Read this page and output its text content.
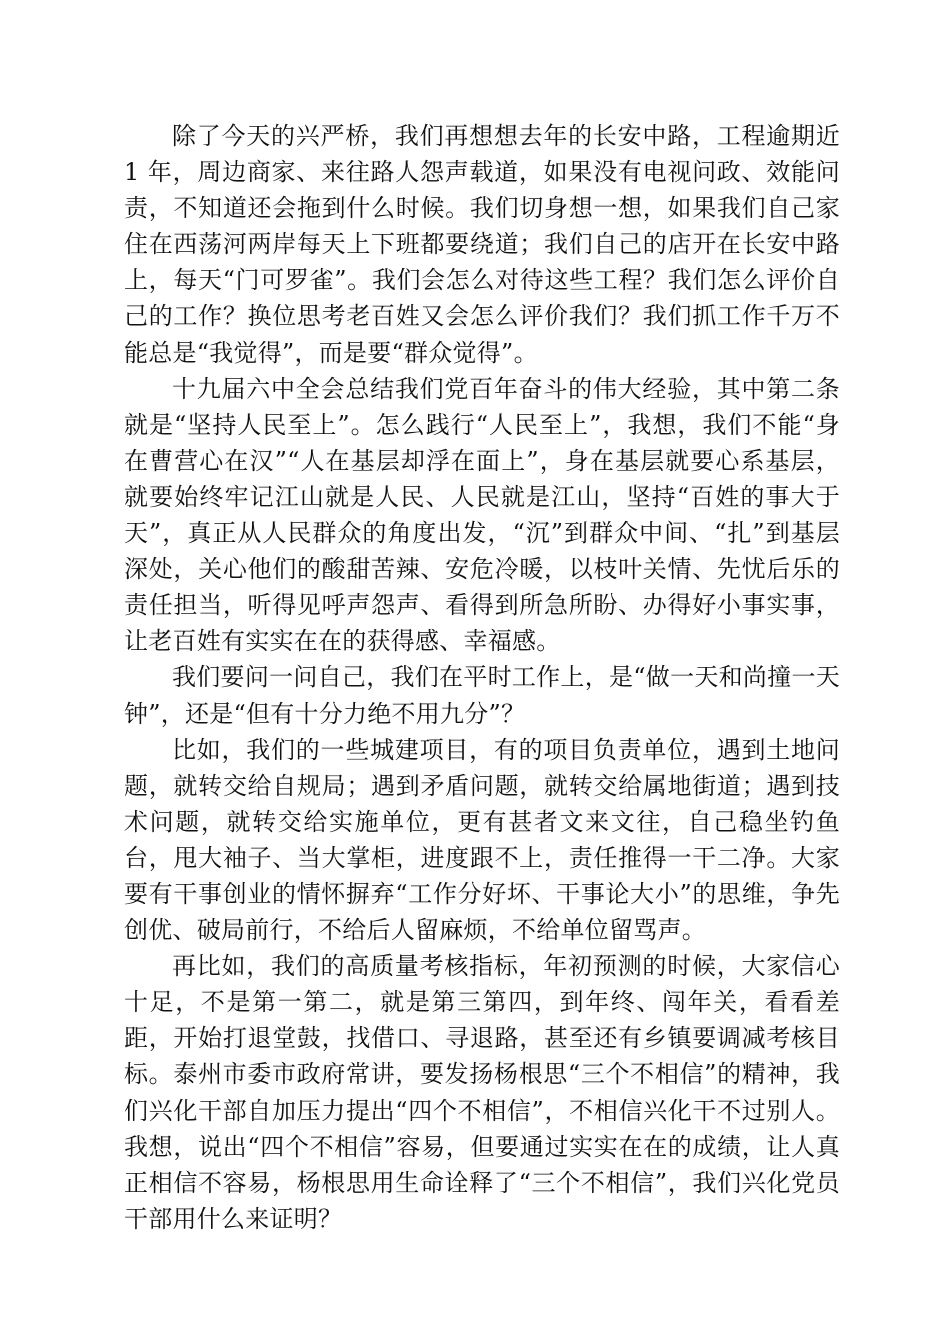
除了今天的兴严桥，我们再想想去年的长安中路，工程逾期近 1 年，周边商家、来往路人怨声载道，如果没有电视问政、效能问责，不知道还会拖到什么时候。我们切身想一想，如果我们自己家住在西荡河两岸每天上下班都要绕道；我们自己的店开在长安中路上，每天“门可罗雀”。我们会怎么对待这些工程？我们怎么评价自己的工作？换位思考老百姓又会怎么评价我们？我们抓工作千万不能总是“我觉得”，而是要“群众觉得”。

十九届六中全会总结我们党百年奋斗的伟大经验，其中第二条就是“坚持人民至上”。怎么践行“人民至上”，我想，我们不能“身在曹营心在汉”“人在基层却浮在面上”，身在基层就要心系基层，就要始终牢记江山就是人民、人民就是江山，坚持“百姓的事大于天”，真正从人民群众的角度出发，“沉”到群众中间、“扎”到基层深处，关心他们的酸甜苦辣、安危冷暖，以枝叶关情、先忧后乐的责任担当，听得见呼声怨声、看得到所急所盼、办得好小事实事，让老百姓有实实在在的获得感、幸福感。

我们要问一问自己，我们在平时工作上，是“做一天和尚撞一天钟”，还是“但有十分力绝不用九分”？

比如，我们的一些城建项目，有的项目负责单位，遇到土地问题，就转交给自规局；遇到矛盾问题，就转交给属地街道；遇到技术问题，就转交给实施单位，更有甚者文来文往，自己稳坐钓鱼台，甩大袖子、当大掌柜，进度跟不上，责任推得一干二净。大家要有干事创业的情怀摒弃“工作分好坏、干事论大小”的思维，争先创优、破局前行，不给后人留麻烦，不给单位留骂声。

再比如，我们的高质量考核指标，年初预测的时候，大家信心十足，不是第一第二，就是第三第四，到年终、闯年关，看看差距，开始打退堂鼓，找借口、寻退路，甚至还有乡镇要调减考核目标。泰州市委市政府常讲，要发扬杨根思“三个不相信”的精神，我们兴化干部自加压力提出“四个不相信”，不相信兴化干不过别人。我想，说出“四个不相信”容易，但要通过实实在在的成绩，让人真正相信不容易，杨根思用生命诠释了“三个不相信”，我们兴化党员干部用什么来证明？
